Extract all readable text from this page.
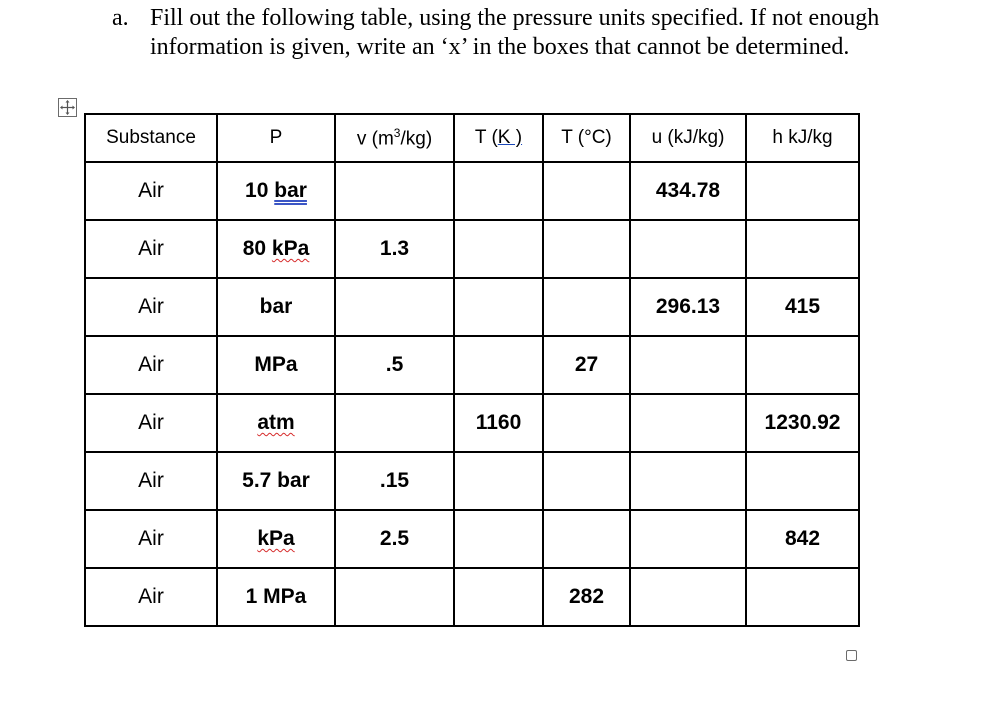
a. Fill out the following table, using the pressure units specified. If not enough information is given, write an ‘x’ in the boxes that cannot be determined.
Substance	P	v $(m^3/kg)$	T (K )	T (°C)	u (kJ/kg)	h kJ/kg
Air	10 bar				434.78	
Air	80 kPa	1.3				
Air	bar				296.13	415
Air	MPa	.5		27		
Air	atm		1160			1230.92
Air	5.7 bar	.15				
Air	kPa	2.5				842
Air	1 MPa			282		
